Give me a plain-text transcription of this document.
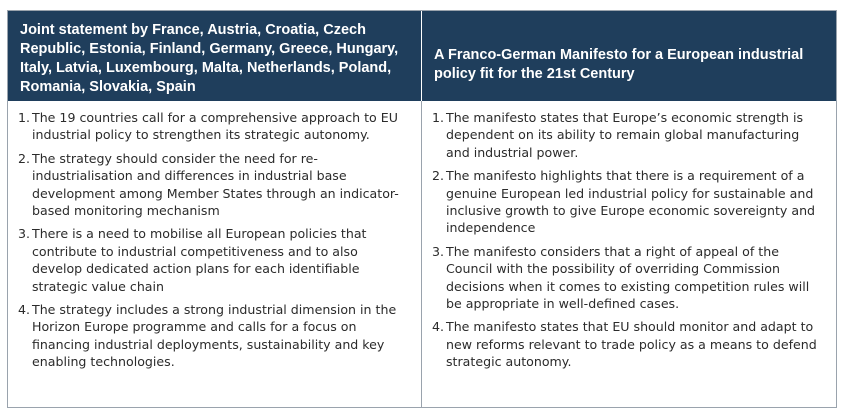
Joint statement by France, Austria, Croatia, Czech Republic, Estonia, Finland, Germany, Greece, Hungary, Italy, Latvia, Luxembourg, Malta, Netherlands, Poland, Romania, Slovakia, Spain
A Franco-German Manifesto for a European industrial policy fit for the 21st Century
1. The 19 countries call for a comprehensive approach to EU industrial policy to strengthen its strategic autonomy.
2. The strategy should consider the need for re-industrialisation and differences in industrial base development among Member States through an indicator-based monitoring mechanism
3. There is a need to mobilise all European policies that contribute to industrial competitiveness and to also develop dedicated action plans for each identifiable strategic value chain
4. The strategy includes a strong industrial dimension in the Horizon Europe programme and calls for a focus on financing industrial deployments, sustainability and key enabling technologies.
1. The manifesto states that Europe’s economic strength is dependent on its ability to remain global manufacturing and industrial power.
2. The manifesto highlights that there is a requirement of a genuine European led industrial policy for sustainable and inclusive growth to give Europe economic sovereignty and independence
3. The manifesto considers that a right of appeal of the Council with the possibility of overriding Commission decisions when it comes to existing competition rules will be appropriate in well-defined cases.
4. The manifesto states that EU should monitor and adapt to new reforms relevant to trade policy as a means to defend strategic autonomy.
